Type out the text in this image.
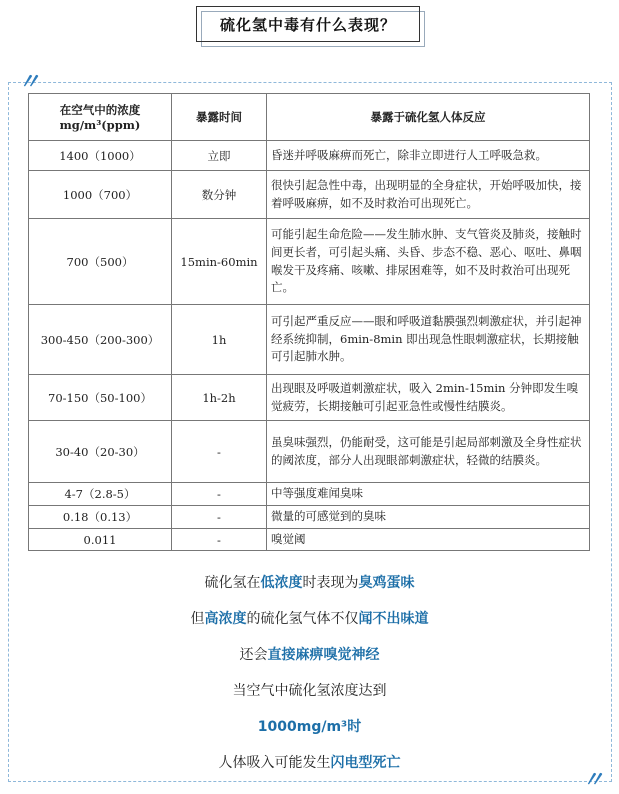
硫化氢中毒有什么表现？
〃
〃
在空气中的浓度 mg/m³(ppm)	暴露时间	暴露于硫化氢人体反应
1400（1000）	立即	昏迷并呼吸麻痹而死亡，除非立即进行人工呼吸急救。
1000（700）	数分钟	很快引起急性中毒，出现明显的全身症状，开始呼吸加快，接着呼吸麻痹，如不及时救治可出现死亡。
700（500）	15min-60min	可能引起生命危险——发生肺水肿、支气管炎及肺炎，接触时间更长者，可引起头痛、头昏、步态不稳、恶心、呕吐、鼻咽喉发干及疼痛、咳嗽、排尿困难等，如不及时救治可出现死亡。
300-450（200-300）	1h	可引起严重反应——眼和呼吸道黏膜强烈刺激症状，并引起神经系统抑制，6min-8min 即出现急性眼刺激症状，长期接触可引起肺水肿。
70-150（50-100）	1h-2h	出现眼及呼吸道刺激症状，吸入 2min-15min 分钟即发生嗅觉疲劳，长期接触可引起亚急性或慢性结膜炎。
30-40（20-30）	-	虽臭味强烈，仍能耐受，这可能是引起局部刺激及全身性症状的阈浓度，部分人出现眼部刺激症状，轻微的结膜炎。
4-7（2.8-5）	-	中等强度难闻臭味
0.18（0.13）	-	微量的可感觉到的臭味
0.011	-	嗅觉阈
硫化氢在低浓度时表现为臭鸡蛋味
但高浓度的硫化氢气体不仅闻不出味道
还会直接麻痹嗅觉神经
当空气中硫化氢浓度达到
1000mg/m³时
人体吸入可能发生闪电型死亡
